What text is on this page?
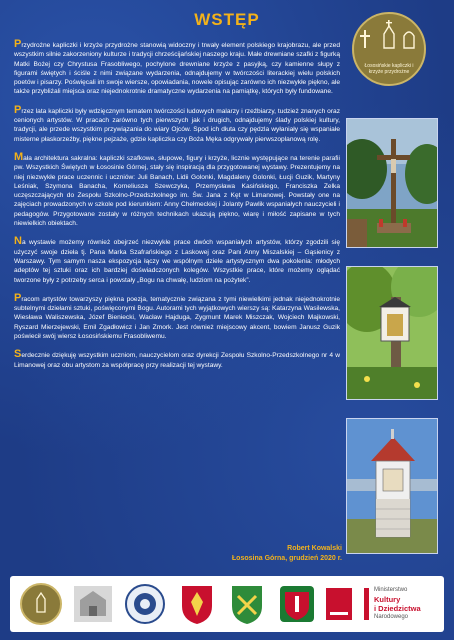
WSTĘP
Łososińskie kapliczki i krzyże przydrożne

Przydrożne kapliczki i krzyże przydrożne stanowią widoczny i trwały element polskiego krajobrazu, ale przed wszystkim silnie zakorzeniony kulturze i tradycji chrześcijańskiej naszego kraju. Małe drewniane szafki z figurką Matki Bożej czy Chrystusa Frasobliwego, pochylone drewniane krzyże z pasyjką, czy kamienne słupy z figurami świętych i ściśle z nimi związane wydarzenia, odnajdujemy w twórczości literackiej wielu polskich poetów i pisarzy. Poświęcali im swoje wiersze, opowiadania, nowele opisując zarówno ich niezwykłe piękno, ale także przybliżali miejsca oraz niejednokrotnie dramatyczne wydarzenia na pamiątkę, których były fundowane.

Przez lata kapliczki były wdzięcznym tematem twórczości ludowych malarzy i rzeźbiarzy, tudzież znanych oraz cenionych artystów. W pracach zarówno tych pierwszych jak i drugich, odnajdujemy ślady polskiej kultury, tradycji, ale przede wszystkim przywiązania do wiary Ojców. Spod ich dłuta czy pędzla wyłaniały się wspaniałe misterne płaskorzeźby, piękne pejzaże, gdzie kapliczka czy Boża Męka odgrywały pierwszoplanową rolę.

Mała architektura sakralna: kapliczki szafkowe, słupowe, figury i krzyże, licznie występujące na terenie parafii pw. Wszystkich Świętych w Łososinie Górnej, stały się inspiracją dla przygotowanej wystawy. Prezentujemy na niej niezwykłe prace uczennic i uczniów: Juli Banach, Lidii Golonki, Magdaleny Golonki, Łucji Guzik, Martyny Leśniak, Szymona Banacha, Korneliusza Szewczyka, Przemysława Kasińskiego, Franciszka Zelka uczęszczających do Zespołu Szkolno-Przedszkolnego im. Św. Jana z Kęt w Limanowej. Powstały one na zajęciach prowadzonych w szkole pod kierunkiem: Anny Chełmeckiej i Jolanty Pawlik wspaniałych nauczycieli i pedagogów. Przygotowane zostały w różnych technikach ukazują piękno, wiarę i miłość zapisane w tych niewielkich obiektach.

Na wystawie możemy również obejrzeć niezwykłe prace dwóch wspaniałych artystów, którzy zgodzili się użyczyć swoje dzieła tj. Pana Marka Szafrańskiego z Laskowej oraz Pani Anny Miszalskiej – Gąsienicy z Warszawy. Tym samym nasza ekspozycja łączy we wspólnym dziele artystycznym dwa pokolenia: młodych adeptów tej sztuki oraz ich bardziej doświadczonych kolegów. Wszystkie prace, które możemy oglądać tworzone były z potrzeby serca i powstały „Bogu na chwałę, ludziom na pożytek”.

Pracom artystów towarzyszy piękna poezja, tematycznie związana z tymi niewielkimi jednak niejednokrotnie subtelnymi dziełami sztuki, poświęconymi Bogu. Autorami tych wyjątkowych wierszy są: Katarzyna Wasilewska, Wiesława Waliszewska, Józef Bieniecki, Wacław Hajduga, Zygmunt Marek Miszczak, Wojciech Majkowski, Ryszard Mierzejewski, Emil Zgadłowicz i Jan Zmork. Jest również miejscowy akcent, bowiem Janusz Guzik poświecił swój wiersz Łososińskiemu Frasobliwemu.

Serdecznie dziękuję wszystkim uczniom, nauczycielom oraz dyrekcji Zespołu Szkolno-Przedszkolnego nr 4 w Limanowej oraz obu artystom za współpracę przy realizacji tej wystawy.

Robert Kowalski
Łososina Górna, grudzień 2020 r.
Ministerstwo
Kultury
i Dziedzictwa
Narodowego
